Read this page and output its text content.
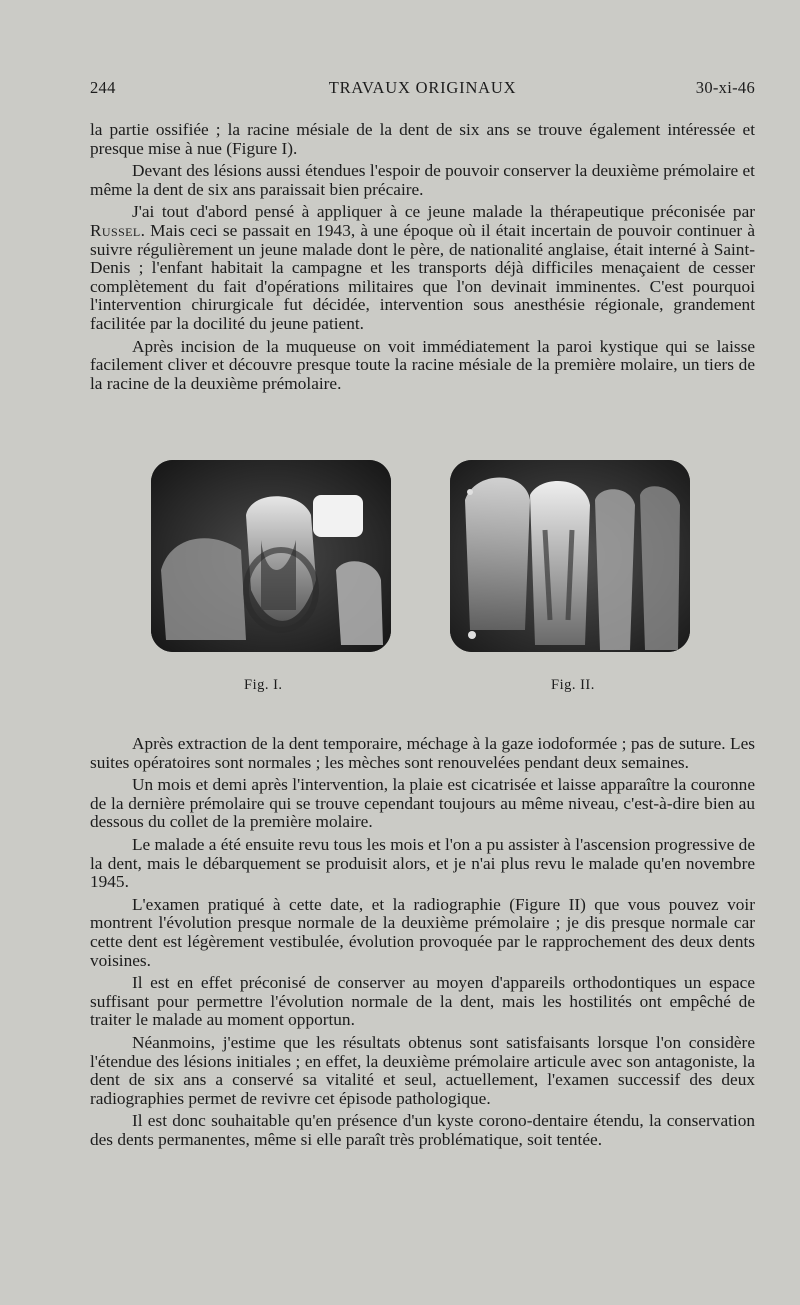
TRAVAUX ORIGINAUX
244	30-xi-46

la partie ossifiée ; la racine mésiale de la dent de six ans se trouve également intéressée et presque mise à nue (Figure I).

Devant des lésions aussi étendues l'espoir de pouvoir conserver la deuxième prémolaire et même la dent de six ans paraissait bien précaire.

J'ai tout d'abord pensé à appliquer à ce jeune malade la thérapeutique préconisée par Russel. Mais ceci se passait en 1943, à une époque où il était incertain de pouvoir continuer à suivre régulièrement un jeune malade dont le père, de nationalité anglaise, était interné à Saint-Denis ; l'enfant habitait la campagne et les transports déjà difficiles menaçaient de cesser complètement du fait d'opérations militaires que l'on devinait imminentes. C'est pourquoi l'intervention chirurgicale fut décidée, intervention sous anesthésie régionale, grandement facilitée par la docilité du jeune patient.

Après incision de la muqueuse on voit immédiatement la paroi kystique qui se laisse facilement cliver et découvre presque toute la racine mésiale de la première molaire, un tiers de la racine de la deuxième prémolaire.

Fig. I.	Fig. II.

Après extraction de la dent temporaire, méchage à la gaze iodoformée ; pas de suture. Les suites opératoires sont normales ; les mèches sont renouvelées pendant deux semaines.

Un mois et demi après l'intervention, la plaie est cicatrisée et laisse apparaître la couronne de la dernière prémolaire qui se trouve cependant toujours au même niveau, c'est-à-dire bien au dessous du collet de la première molaire.

Le malade a été ensuite revu tous les mois et l'on a pu assister à l'ascension progressive de la dent, mais le débarquement se produisit alors, et je n'ai plus revu le malade qu'en novembre 1945.

L'examen pratiqué à cette date, et la radiographie (Figure II) que vous pouvez voir montrent l'évolution presque normale de la deuxième prémolaire ; je dis presque normale car cette dent est légèrement vestibulée, évolution provoquée par le rapprochement des deux dents voisines.

Il est en effet préconisé de conserver au moyen d'appareils orthodontiques un espace suffisant pour permettre l'évolution normale de la dent, mais les hostilités ont empêché de traiter le malade au moment opportun.

Néanmoins, j'estime que les résultats obtenus sont satisfaisants lorsque l'on considère l'étendue des lésions initiales ; en effet, la deuxième prémolaire articule avec son antagoniste, la dent de six ans a conservé sa vitalité et seul, actuellement, l'examen successif des deux radiographies permet de revivre cet épisode pathologique.

Il est donc souhaitable qu'en présence d'un kyste corono-dentaire étendu, la conservation des dents permanentes, même si elle paraît très problématique, soit tentée.
